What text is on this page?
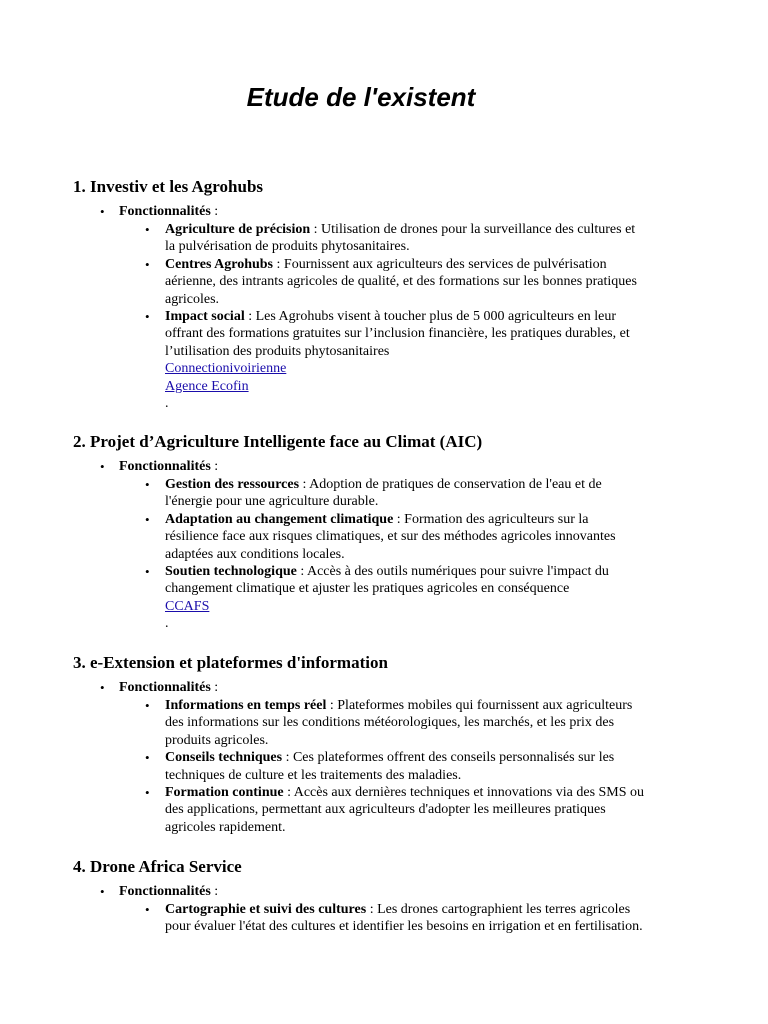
Etude de l'existent
1. Investiv et les Agrohubs
• Fonctionnalités :
• Agriculture de précision : Utilisation de drones pour la surveillance des cultures et la pulvérisation de produits phytosanitaires.
• Centres Agrohubs : Fournissent aux agriculteurs des services de pulvérisation aérienne, des intrants agricoles de qualité, et des formations sur les bonnes pratiques agricoles.
• Impact social : Les Agrohubs visent à toucher plus de 5 000 agriculteurs en leur offrant des formations gratuites sur l’inclusion financière, les pratiques durables, et l’utilisation des produits phytosanitaires
Connectionivoirienne
Agence Ecofin
.
2. Projet d’Agriculture Intelligente face au Climat (AIC)
• Fonctionnalités :
• Gestion des ressources : Adoption de pratiques de conservation de l'eau et de l'énergie pour une agriculture durable.
• Adaptation au changement climatique : Formation des agriculteurs sur la résilience face aux risques climatiques, et sur des méthodes agricoles innovantes adaptées aux conditions locales.
• Soutien technologique : Accès à des outils numériques pour suivre l'impact du changement climatique et ajuster les pratiques agricoles en conséquence
CCAFS
.
3. e-Extension et plateformes d'information
• Fonctionnalités :
• Informations en temps réel : Plateformes mobiles qui fournissent aux agriculteurs des informations sur les conditions météorologiques, les marchés, et les prix des produits agricoles.
• Conseils techniques : Ces plateformes offrent des conseils personnalisés sur les techniques de culture et les traitements des maladies.
• Formation continue : Accès aux dernières techniques et innovations via des SMS ou des applications, permettant aux agriculteurs d'adopter les meilleures pratiques agricoles rapidement.
4. Drone Africa Service
• Fonctionnalités :
• Cartographie et suivi des cultures : Les drones cartographient les terres agricoles pour évaluer l'état des cultures et identifier les besoins en irrigation et en fertilisation.
